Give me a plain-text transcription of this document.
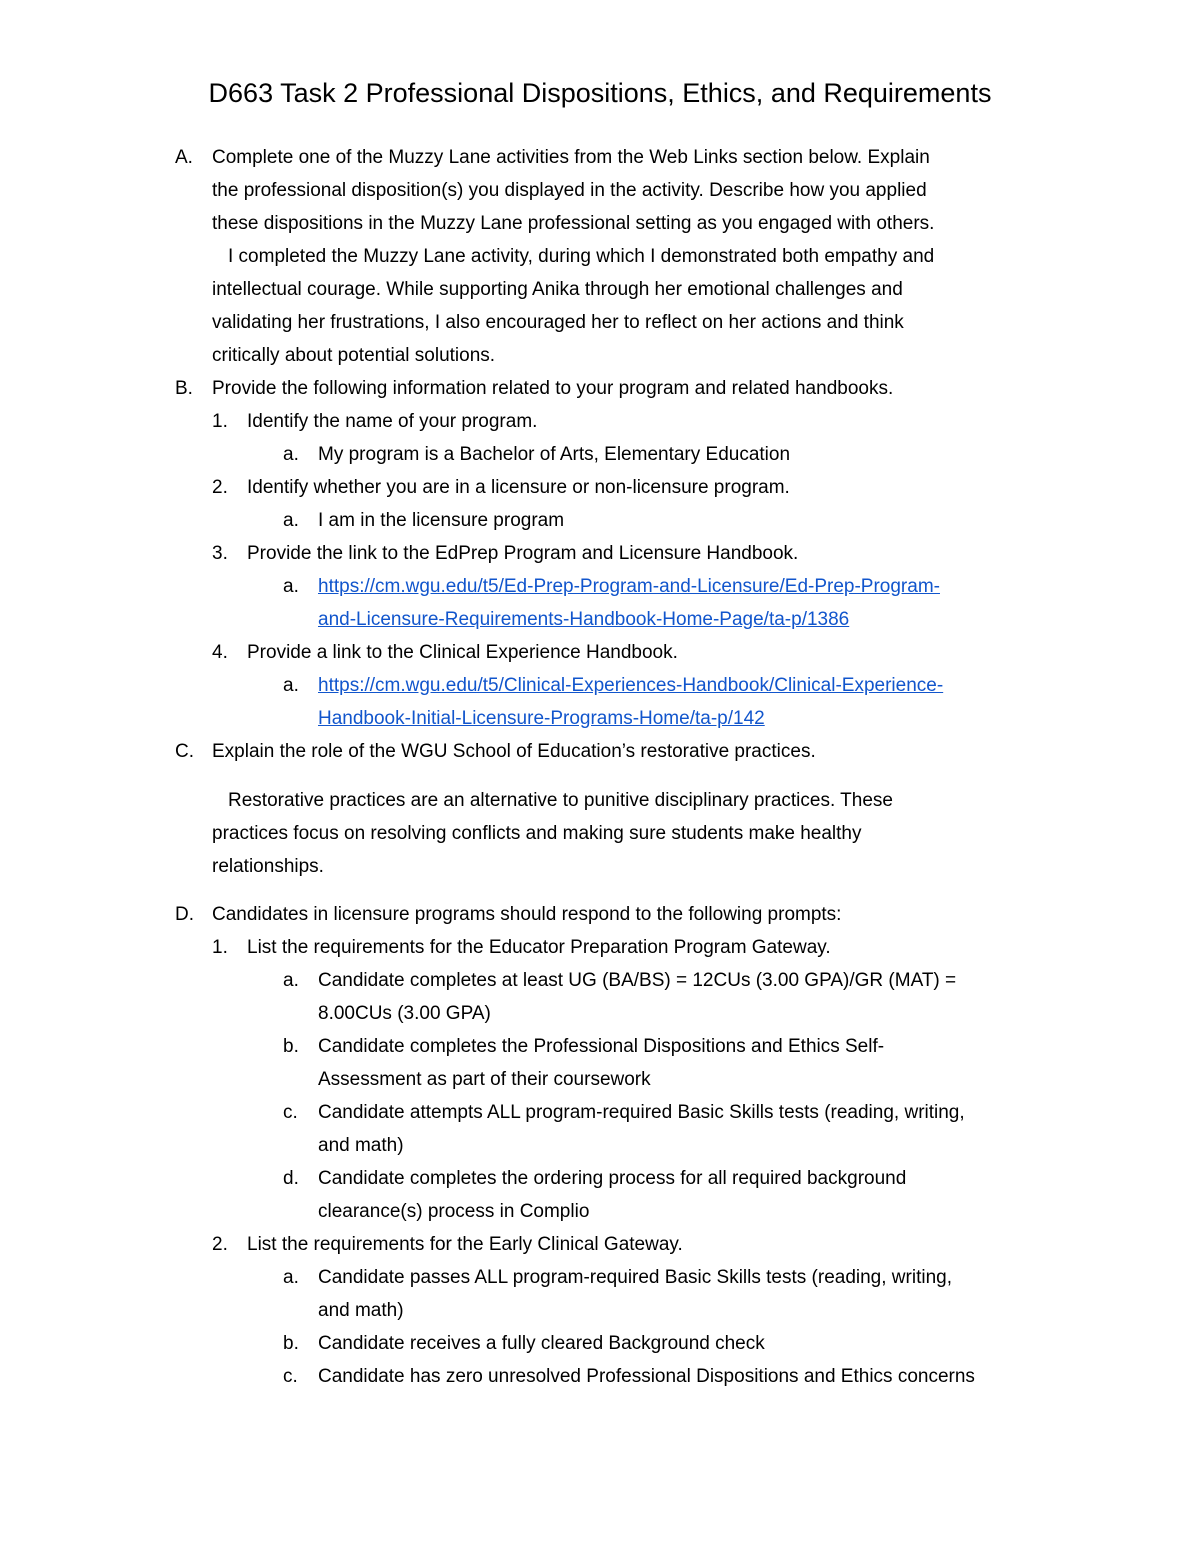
D663 Task 2 Professional Dispositions, Ethics, and Requirements
A. Complete one of the Muzzy Lane activities from the Web Links section below. Explain
the professional disposition(s) you displayed in the activity. Describe how you applied
these dispositions in the Muzzy Lane professional setting as you engaged with others.
I completed the Muzzy Lane activity, during which I demonstrated both empathy and
intellectual courage. While supporting Anika through her emotional challenges and
validating her frustrations, I also encouraged her to reflect on her actions and think
critically about potential solutions.
B. Provide the following information related to your program and related handbooks.
1. Identify the name of your program.
a. My program is a Bachelor of Arts, Elementary Education
2. Identify whether you are in a licensure or non-licensure program.
a. I am in the licensure program
3. Provide the link to the EdPrep Program and Licensure Handbook.
a. https://cm.wgu.edu/t5/Ed-Prep-Program-and-Licensure/Ed-Prep-Program-
and-Licensure-Requirements-Handbook-Home-Page/ta-p/1386
4. Provide a link to the Clinical Experience Handbook.
a. https://cm.wgu.edu/t5/Clinical-Experiences-Handbook/Clinical-Experience-
Handbook-Initial-Licensure-Programs-Home/ta-p/142
C. Explain the role of the WGU School of Education’s restorative practices.
Restorative practices are an alternative to punitive disciplinary practices. These
practices focus on resolving conflicts and making sure students make healthy
relationships.
D. Candidates in licensure programs should respond to the following prompts:
1. List the requirements for the Educator Preparation Program Gateway.
a. Candidate completes at least UG (BA/BS) = 12CUs (3.00 GPA)/GR (MAT) =
8.00CUs (3.00 GPA)
b. Candidate completes the Professional Dispositions and Ethics Self-
Assessment as part of their coursework
c. Candidate attempts ALL program-required Basic Skills tests (reading, writing,
and math)
d. Candidate completes the ordering process for all required background
clearance(s) process in Complio
2. List the requirements for the Early Clinical Gateway.
a. Candidate passes ALL program-required Basic Skills tests (reading, writing,
and math)
b. Candidate receives a fully cleared Background check
c. Candidate has zero unresolved Professional Dispositions and Ethics concerns
